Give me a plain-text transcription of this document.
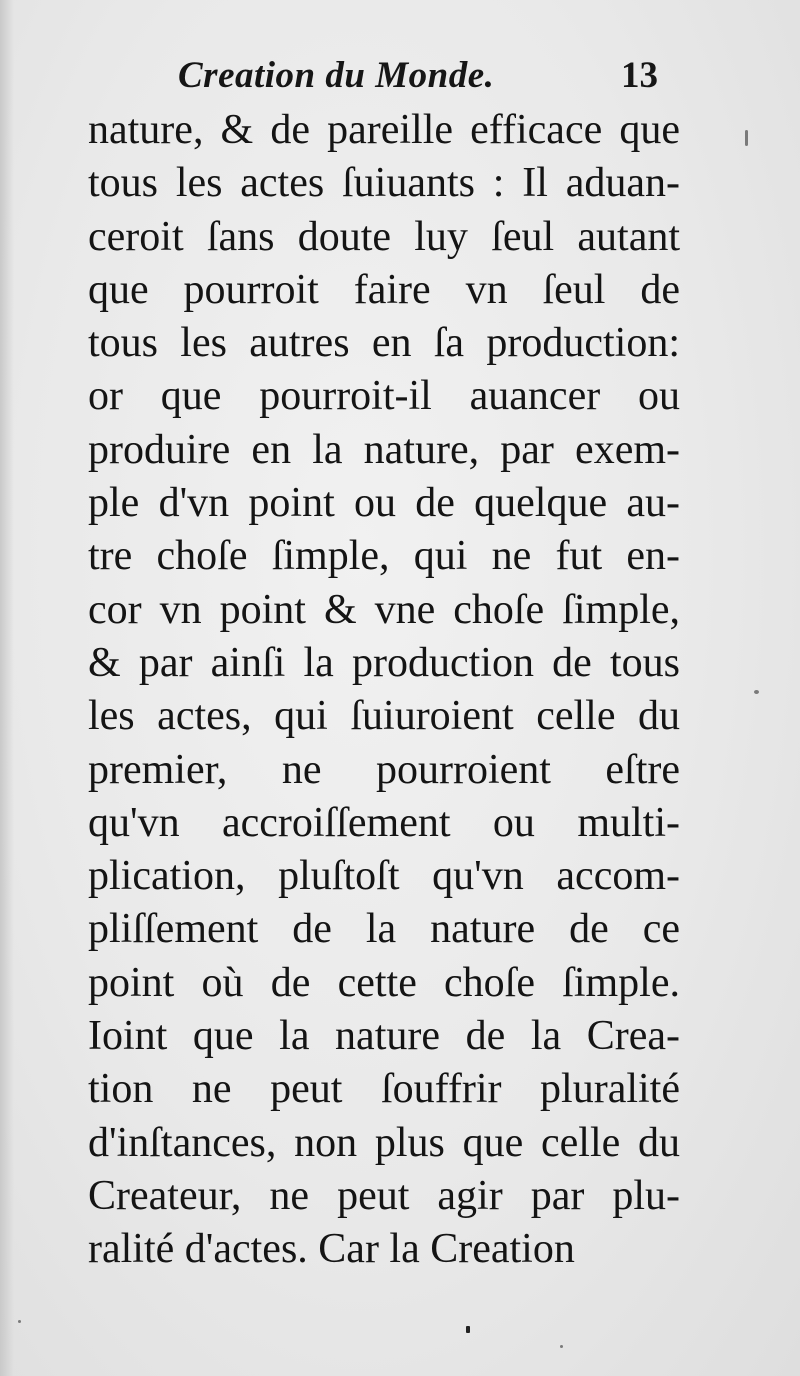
Creation du Monde.	13
nature, & de pareille efficace que
tous les actes ſuiuants : Il aduan-
ceroit ſans doute luy ſeul autant
que pourroit faire vn ſeul de
tous les autres en ſa production:
or que pourroit-il auancer ou
produire en la nature, par exem-
ple d'vn point ou de quelque au-
tre choſe ſimple, qui ne fut en-
cor vn point & vne choſe ſimple,
& par ainſi la production de tous
les actes, qui ſuiuroient celle du
premier, ne pourroient eſtre
qu'vn accroiſſement ou multi-
plication, pluſtoſt qu'vn accom-
pliſſement de la nature de ce
point où de cette choſe ſimple.
Ioint que la nature de la Crea-
tion ne peut ſouffrir pluralité
d'inſtances, non plus que celle du
Createur, ne peut agir par plu-
ralité d'actes. Car la Creation
